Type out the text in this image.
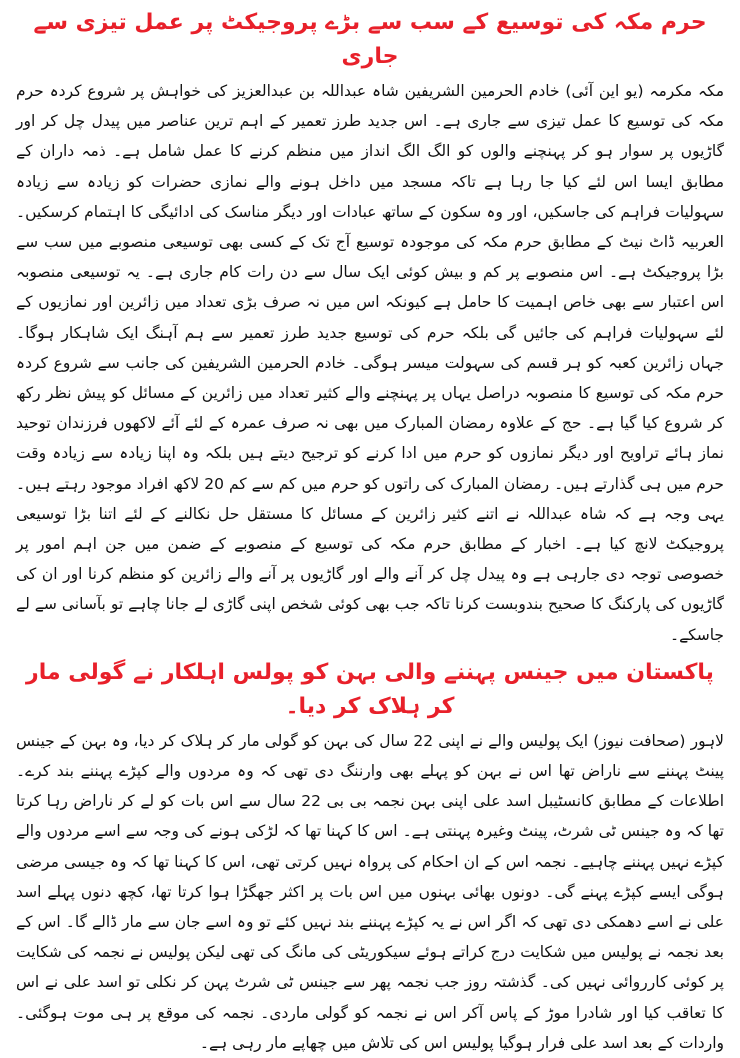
حرم مکہ کی توسیع کے سب سے بڑے پروجیکٹ پر عمل تیزی سے جاری

مکہ مکرمہ (یو این آئی) خادم الحرمین الشریفین شاہ عبداللہ بن عبدالعزیز کی خواہش پر شروع کردہ حرم مکہ کی توسیع کا عمل تیزی سے جاری ہے۔ اس جدید طرز تعمیر کے اہم ترین عناصر میں پیدل چل کر اور گاڑیوں پر سوار ہو کر پہنچنے والوں کو الگ الگ انداز میں منظم کرنے کا عمل شامل ہے۔ ذمہ داران کے مطابق ایسا اس لئے کیا جا رہا ہے تاکہ مسجد میں داخل ہونے والے نمازی حضرات کو زیادہ سے زیادہ سہولیات فراہم کی جاسکیں، اور وہ سکون کے ساتھ عبادات اور دیگر مناسک کی ادائیگی کا اہتمام کرسکیں۔ العربیہ ڈاٹ نیٹ کے مطابق حرم مکہ کی موجودہ توسیع آج تک کے کسی بھی توسیعی منصوبے میں سب سے بڑا پروجیکٹ ہے۔ اس منصوبے پر کم و بیش کوئی ایک سال سے دن رات کام جاری ہے۔ یہ توسیعی منصوبہ اس اعتبار سے بھی خاص اہمیت کا حامل ہے کیونکہ اس میں نہ صرف بڑی تعداد میں زائرین اور نمازیوں کے لئے سہولیات فراہم کی جائیں گی بلکہ حرم کی توسیع جدید طرز تعمیر سے ہم آہنگ ایک شاہکار ہوگا۔ جہاں زائرین کعبہ کو ہر قسم کی سہولت میسر ہوگی۔ خادم الحرمین الشریفین کی جانب سے شروع کردہ حرم مکہ کی توسیع کا منصوبہ دراصل یہاں پر پہنچنے والے کثیر تعداد میں زائرین کے مسائل کو پیش نظر رکھ کر شروع کیا گیا ہے۔ حج کے علاوہ رمضان المبارک میں بھی نہ صرف عمرہ کے لئے آئے لاکھوں فرزندان توحید نماز ہائے تراویح اور دیگر نمازوں کو حرم میں ادا کرنے کو ترجیح دیتے ہیں بلکہ وہ اپنا زیادہ سے زیادہ وقت حرم میں ہی گذارتے ہیں۔ رمضان المبارک کی راتوں کو حرم میں کم سے کم 20 لاکھ افراد موجود رہتے ہیں۔ یہی وجہ ہے کہ شاہ عبداللہ نے اتنے کثیر زائرین کے مسائل کا مستقل حل نکالنے کے لئے اتنا بڑا توسیعی پروجیکٹ لانچ کیا ہے۔ اخبار کے مطابق حرم مکہ کی توسیع کے منصوبے کے ضمن میں جن اہم امور پر خصوصی توجہ دی جارہی ہے وہ پیدل چل کر آنے والے اور گاڑیوں پر آنے والے زائرین کو منظم کرنا اور ان کی گاڑیوں کی پارکنگ کا صحیح بندوبست کرنا تاکہ جب بھی کوئی شخص اپنی گاڑی لے جانا چاہے تو بآسانی سے لے جاسکے۔

پاکستان میں جینس پہننے والی بہن کو پولس اہلکار نے گولی مار کر ہلاک کر دیا۔

لاہور (صحافت نیوز) ایک پولیس والے نے اپنی 22 سال کی بہن کو گولی مار کر ہلاک کر دیا، وہ بہن کے جینس پینٹ پہننے سے ناراض تھا اس نے بہن کو پہلے بھی وارننگ دی تھی کہ وہ مردوں والے کپڑے پہننے بند کرے۔ اطلاعات کے مطابق کانسٹیبل اسد علی اپنی بہن نجمہ بی بی 22 سال سے اس بات کو لے کر ناراض رہا کرتا تھا کہ وہ جینس ٹی شرٹ، پینٹ وغیرہ پہنتی ہے۔ اس کا کہنا تھا کہ لڑکی ہونے کی وجہ سے اسے مردوں والے کپڑے نہیں پہننے چاہیے۔ نجمہ اس کے ان احکام کی پرواہ نہیں کرتی تھی، اس کا کہنا تھا کہ وہ جیسی مرضی ہوگی ایسے کپڑے پہنے گی۔ دونوں بھائی بہنوں میں اس بات پر اکثر جھگڑا ہوا کرتا تھا، کچھ دنوں پہلے اسد علی نے اسے دھمکی دی تھی کہ اگر اس نے یہ کپڑے پہننے بند نہیں کئے تو وہ اسے جان سے مار ڈالے گا۔ اس کے بعد نجمہ نے پولیس میں شکایت درج کراتے ہوئے سیکوریٹی کی مانگ کی تھی لیکن پولیس نے نجمہ کی شکایت پر کوئی کارروائی نہیں کی۔ گذشتہ روز جب نجمہ پھر سے جینس ٹی شرٹ پہن کر نکلی تو اسد علی نے اس کا تعاقب کیا اور شادرا موڑ کے پاس آکر اس نے نجمہ کو گولی ماردی۔ نجمہ کی موقع پر ہی موت ہوگئی۔ واردات کے بعد اسد علی فرار ہوگیا پولیس اس کی تلاش میں چھاپے مار رہی ہے۔
